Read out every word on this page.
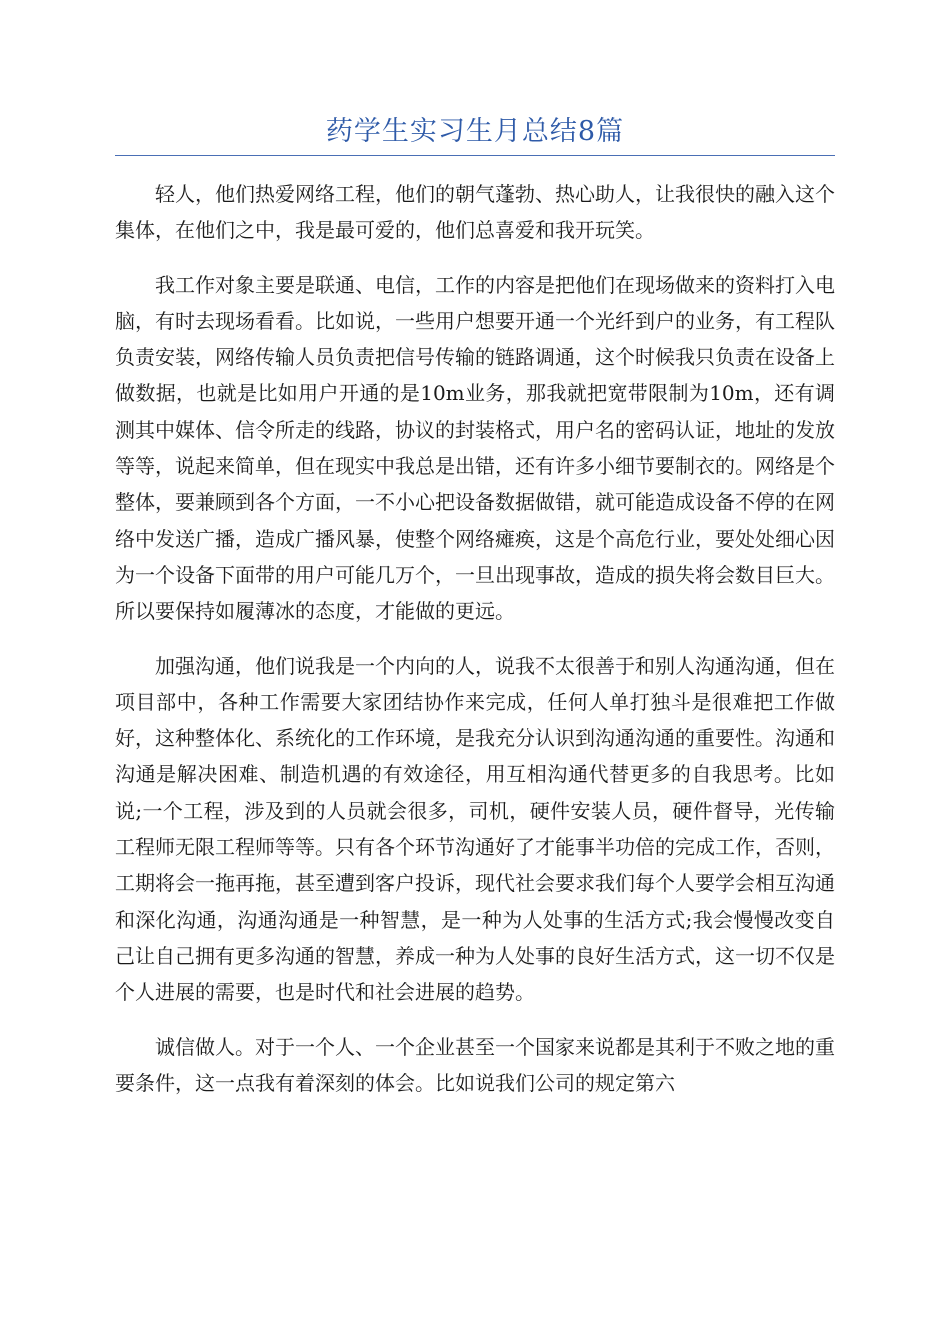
药学生实习生月总结8篇

轻人，他们热爱网络工程，他们的朝气蓬勃、热心助人，让我很快的融入这个集体，在他们之中，我是最可爱的，他们总喜爱和我开玩笑。

我工作对象主要是联通、电信，工作的内容是把他们在现场做来的资料打入电脑，有时去现场看看。比如说，一些用户想要开通一个光纤到户的业务，有工程队负责安装，网络传输人员负责把信号传输的链路调通，这个时候我只负责在设备上做数据，也就是比如用户开通的是10m业务，那我就把宽带限制为10m，还有调测其中媒体、信令所走的线路，协议的封装格式，用户名的密码认证，地址的发放等等，说起来简单，但在现实中我总是出错，还有许多小细节要制衣的。网络是个整体，要兼顾到各个方面，一不小心把设备数据做错，就可能造成设备不停的在网络中发送广播，造成广播风暴，使整个网络瘫痪，这是个高危行业，要处处细心因为一个设备下面带的用户可能几万个，一旦出现事故，造成的损失将会数目巨大。所以要保持如履薄冰的态度，才能做的更远。

加强沟通，他们说我是一个内向的人，说我不太很善于和别人沟通沟通，但在项目部中，各种工作需要大家团结协作来完成，任何人单打独斗是很难把工作做好，这种整体化、系统化的工作环境，是我充分认识到沟通沟通的重要性。沟通和沟通是解决困难、制造机遇的有效途径，用互相沟通代替更多的自我思考。比如说;一个工程，涉及到的人员就会很多，司机，硬件安装人员，硬件督导，光传输工程师无限工程师等等。只有各个环节沟通好了才能事半功倍的完成工作，否则，工期将会一拖再拖，甚至遭到客户投诉，现代社会要求我们每个人要学会相互沟通和深化沟通，沟通沟通是一种智慧，是一种为人处事的生活方式;我会慢慢改变自己让自己拥有更多沟通的智慧，养成一种为人处事的良好生活方式，这一切不仅是个人进展的需要，也是时代和社会进展的趋势。

诚信做人。对于一个人、一个企业甚至一个国家来说都是其利于不败之地的重要条件，这一点我有着深刻的体会。比如说我们公司的规定第六
